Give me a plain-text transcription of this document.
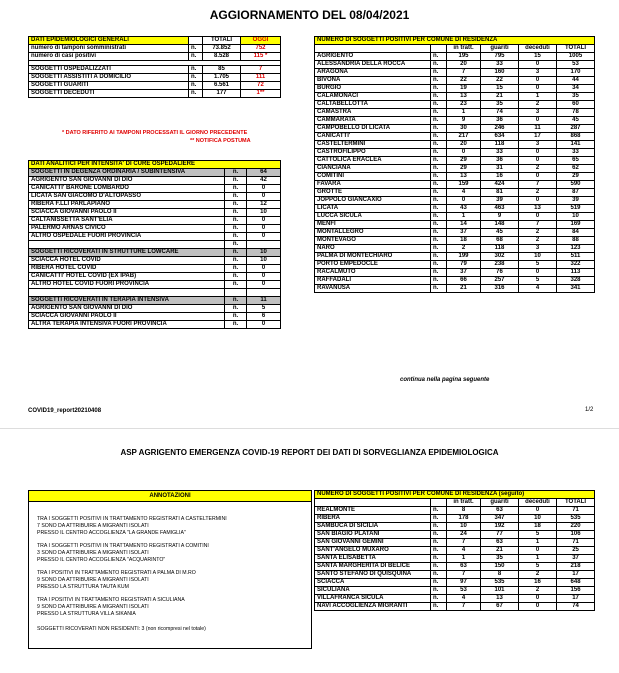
AGGIORNAMENTO DEL 08/04/2021
DATI EPIDEMIOLOGICI GENERALI		TOTALI	OGGI
numero di tamponi somministrati	n.	73.852	752
numero di casi positivi	n.	8.528	115 *

SOGGETTI OSPEDALIZZATI	n.	85	7
SOGGETTI ASSISTITI A DOMICILIO	n.	1.705	111
SOGGETTI GUARITI	n.	6.561	72
SOGGETTI DECEDUTI	n.	177	1**
* DATO RIFERITO AI TAMPONI PROCESSATI IL GIORNO PRECEDENTE
** NOTIFICA POSTUMA
DATI ANALITICI PER INTENSITA' DI CURE OSPEDALIERE		
SOGGETTI IN DEGENZA ORDINARIA / SUBINTENSIVA	n.	64
AGRIGENTO SAN GIOVANNI DI DIO	n.	42
CANICATTI' BARONE LOMBARDO	n.	0
LICATA SAN GIACOMO D'ALTOPASSO	n.	0
RIBERA F.LLI PARLAPIANO	n.	12
SCIACCA GIOVANNI PAOLO II	n.	10
CALTANISSETTA SANT'ELIA	n.	0
PALERMO ARNAS CIVICO	n.	0
ALTRO OSPEDALE FUORI PROVINCIA	n.	0
	n.	
SOGGETTI RICOVERATI IN STRUTTURE LOWCARE	n.	10
SCIACCA HOTEL COVID	n.	10
RIBERA HOTEL COVID	n.	0
CANICATTI' HOTEL COVID (EX IPAB)	n.	0
ALTRO HOTEL COVID FUORI PROVINCIA	n.	0

SOGGETTI RICOVERATI IN TERAPIA INTENSIVA	n.	11
AGRIGENTO SAN GIOVANNI DI DIO	n.	5
SCIACCA GIOVANNI PAOLO II	n.	6
ALTRA TERAPIA INTENSIVA FUORI PROVINCIA	n.	0
NUMERO DI SOGGETTI POSITIVI PER COMUNE DI RESIDENZA					
		in tratt.	guariti	deceduti	TOTALI
AGRIGENTO	n.	195	795	15	1005
ALESSANDRIA DELLA ROCCA	n.	20	33	0	53
ARAGONA	n.	7	160	3	170
BIVONA	n.	22	22	0	44
BURGIO	n.	19	15	0	34
CALAMONACI	n.	13	21	1	35
CALTABELLOTTA	n.	23	35	2	60
CAMASTRA	n.	1	74	3	78
CAMMARATA	n.	9	36	0	45
CAMPOBELLO DI LICATA	n.	30	246	11	287
CANICATTI'	n.	217	634	17	868
CASTELTERMINI	n.	20	118	3	141
CASTROFILIPPO	n.	0	33	0	33
CATTOLICA ERACLEA	n.	29	36	0	65
CIANCIANA	n.	29	31	2	62
COMITINI	n.	13	16	0	29
FAVARA	n.	159	424	7	590
GROTTE	n.	4	81	2	87
JOPPOLO GIANCAXIO	n.	0	39	0	39
LICATA	n.	43	463	13	519
LUCCA SICULA	n.	1	9	0	10
MENFI	n.	14	148	7	169
MONTALLEGRO	n.	37	45	2	84
MONTEVAGO	n.	18	68	2	88
NARO	n.	2	118	3	123
PALMA DI MONTECHIARO	n.	199	302	10	511
PORTO EMPEDOCLE	n.	79	238	5	322
RACALMUTO	n.	37	76	0	113
RAFFADALI	n.	66	257	5	328
RAVANUSA	n.	21	316	4	341
continua nella pagina seguente
COVID19_report20210408	1/2
ASP AGRIGENTO EMERGENZA COVID-19 REPORT DEI DATI DI SORVEGLIANZA EPIDEMIOLOGICA
ANNOTAZIONI
TRA I SOGGETTI POSITIVI IN TRATTAMENTO REGISTRATI A CASTELTERMINI
7 SONO DA ATTRIBUIRE A MIGRANTI ISOLATI
PRESSO IL CENTRO ACCOGLIENZA "LA GRANDE FAMIGLIA"
TRA I SOGGETTI POSITIVI IN TRATTAMENTO REGISTRATI A COMITINI
3 SONO DA ATTRIBUIRE A MIGRANTI ISOLATI
PRESSO IL CENTRO ACCOGLIENZA "ACQUARINTO"
TRA I POSITIVI IN TRATTAMENTO REGISTRATI A PALMA DI M.RO
9 SONO DA ATTRIBUIRE A MIGRANTI ISOLATI
PRESSO LA STRUTTURA TAUTA KUM
TRA I POSITIVI IN TRATTAMENTO REGISTRATI A SICULIANA
9 SONO DA ATTRIBUIRE A MIGRANTI ISOLATI
PRESSO LA STRUTTURA VILLA SIKANIA
SOGGETTI RICOVERATI NON RESIDENTI: 3 (non ricompresi nel totale)
NUMERO DI SOGGETTI POSITIVI PER COMUNE DI RESIDENZA (seguito)					
		in tratt.	guariti	deceduti	TOTALI
REALMONTE	n.	8	63	0	71
RIBERA	n.	178	347	10	535
SAMBUCA DI SICILIA	n.	10	192	18	220
SAN BIAGIO PLATANI	n.	24	77	5	106
SAN GIOVANNI GEMINI	n.	7	63	1	71
SANT'ANGELO MUXARO	n.	4	21	0	25
SANTA ELISABETTA	n.	1	35	1	37
SANTA MARGHERITA DI BELICE	n.	63	150	5	218
SANTO STEFANO DI QUISQUINA	n.	7	8	2	17
SCIACCA	n.	97	535	16	648
SICULIANA	n.	53	101	2	156
VILLAFRANCA SICULA	n.	4	13	0	17
NAVI ACCOGLIENZA MIGRANTI	n.	7	67	0	74
